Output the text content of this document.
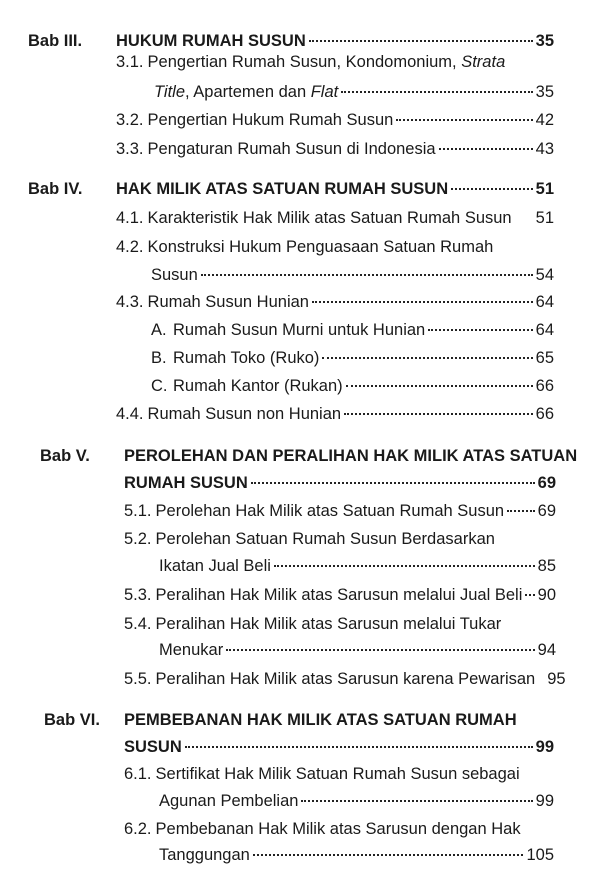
Bab III. HUKUM RUMAH SUSUN	35
3.1. Pengertian Rumah Susun, Kondomonium, Strata
Title, Apartemen dan Flat	35
3.2. Pengertian Hukum Rumah Susun	42
3.3. Pengaturan Rumah Susun di Indonesia	43
Bab IV. HAK MILIK ATAS SATUAN RUMAH SUSUN	51
4.1. Karakteristik Hak Milik atas Satuan Rumah Susun 51
4.2. Konstruksi Hukum Penguasaan Satuan Rumah
Susun	54
4.3. Rumah Susun Hunian	64
A. Rumah Susun Murni untuk Hunian	64
B. Rumah Toko (Ruko)	65
C. Rumah Kantor (Rukan)	66
4.4. Rumah Susun non Hunian	66
Bab V. PEROLEHAN DAN PERALIHAN HAK MILIK ATAS SATUAN
RUMAH SUSUN	69
5.1. Perolehan Hak Milik atas Satuan Rumah Susun 69
5.2. Perolehan Satuan Rumah Susun Berdasarkan
Ikatan Jual Beli	85
5.3. Peralihan Hak Milik atas Sarusun melalui Jual Beli 90
5.4. Peralihan Hak Milik atas Sarusun melalui Tukar
Menukar	94
5.5. Peralihan Hak Milik atas Sarusun karena Pewarisan 95
Bab VI. PEMBEBANAN HAK MILIK ATAS SATUAN RUMAH
SUSUN	99
6.1. Sertifikat Hak Milik Satuan Rumah Susun sebagai
Agunan Pembelian	99
6.2. Pembebanan Hak Milik atas Sarusun dengan Hak
Tanggungan	105
